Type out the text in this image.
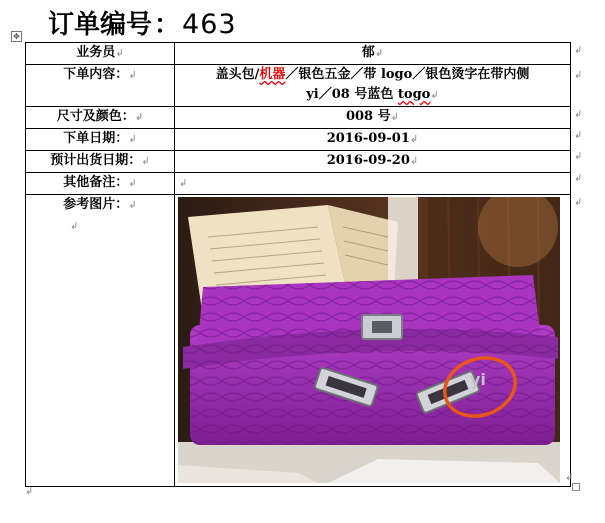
订单编号 ： 463
✥
业务员↲	郁↲
下单内容：↲	盖头包/机器／银色五金／带 logo／银色烫字在带内侧
yi／08 号蓝色 togo↲

尺寸及颜色：↲	008 号↲
下单日期：↲	2016-09-01↲
预计出货日期：↲	2016-09-20↲
其他备注：↲	↲

参考图片：↲
↲	yi
↲
↲
↲
↲
↲
↲
↲
↲
↲
